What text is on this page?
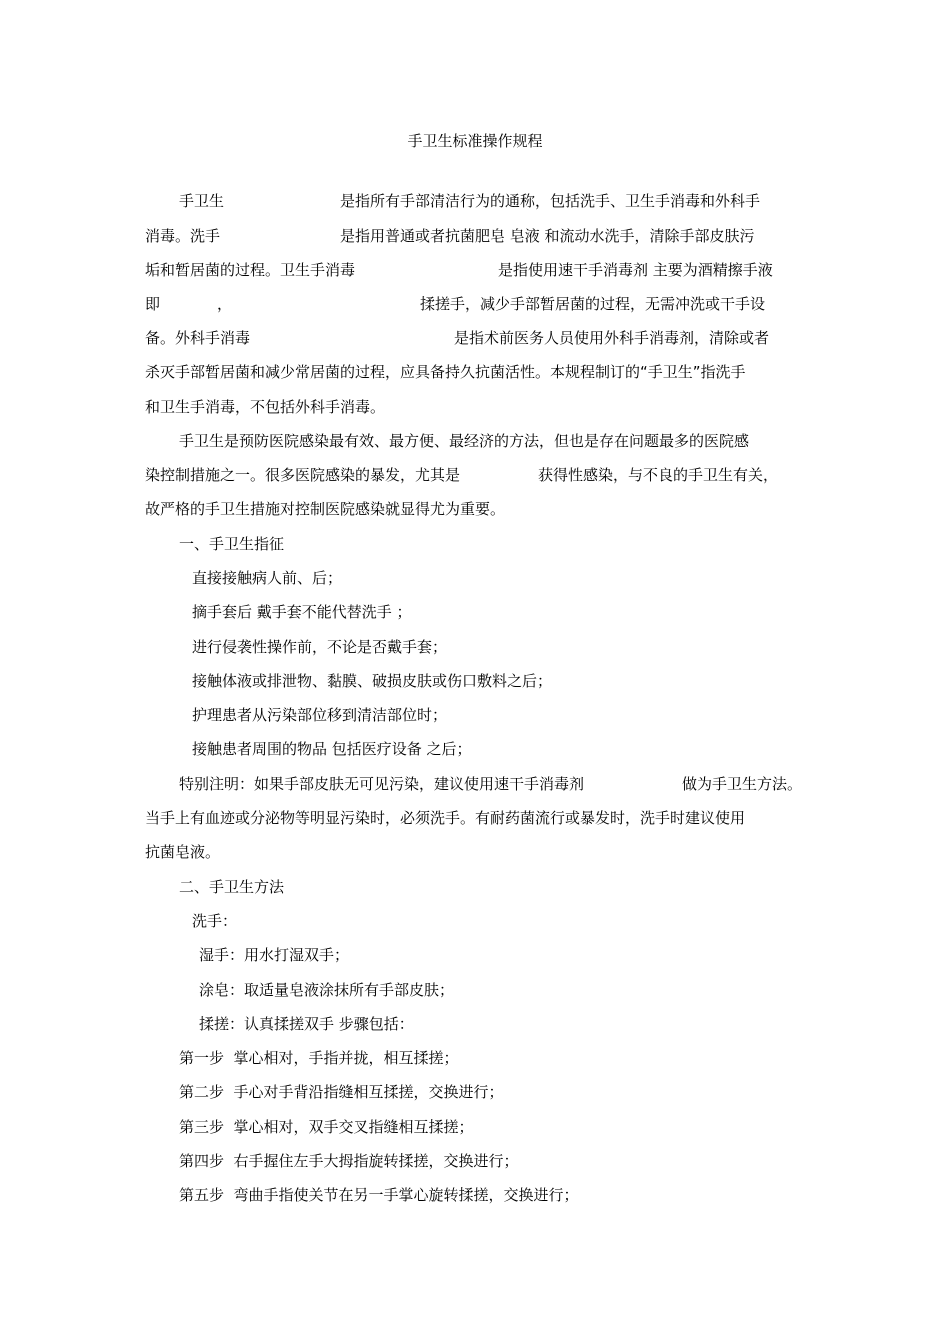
手卫生标准操作规程
手卫生	是指所有手部清洁行为的通称，包括洗手、卫生手消毒和外科手
消毒。洗手	是指用普通或者抗菌肥皂 皂液 和流动水洗手，清除手部皮肤污
垢和暂居菌的过程。卫生手消毒	是指使用速干手消毒剂 主要为酒精擦手液
即	，	揉搓手，减少手部暂居菌的过程，无需冲洗或干手设
备。外科手消毒	是指术前医务人员使用外科手消毒剂，清除或者
杀灭手部暂居菌和减少常居菌的过程，应具备持久抗菌活性。本规程制订的“手卫生”指洗手
和卫生手消毒，不包括外科手消毒。
手卫生是预防医院感染最有效、最方便、最经济的方法，但也是存在问题最多的医院感
染控制措施之一。很多医院感染的暴发，尤其是	获得性感染，与不良的手卫生有关，
故严格的手卫生措施对控制医院感染就显得尤为重要。
一、手卫生指征
直接接触病人前、后；
摘手套后 戴手套不能代替洗手 ；
进行侵袭性操作前，不论是否戴手套；
接触体液或排泄物、黏膜、破损皮肤或伤口敷料之后；
护理患者从污染部位移到清洁部位时；
接触患者周围的物品 包括医疗设备 之后；
特别注明：如果手部皮肤无可见污染，建议使用速干手消毒剂	做为手卫生方法。
当手上有血迹或分泌物等明显污染时，必须洗手。有耐药菌流行或暴发时，洗手时建议使用
抗菌皂液。
二、手卫生方法
洗手：
湿手：用水打湿双手；
涂皂：取适量皂液涂抹所有手部皮肤；
揉搓：认真揉搓双手 步骤包括：
第一步  掌心相对，手指并拢，相互揉搓；
第二步  手心对手背沿指缝相互揉搓，交换进行；
第三步  掌心相对，双手交叉指缝相互揉搓；
第四步  右手握住左手大拇指旋转揉搓，交换进行；
第五步  弯曲手指使关节在另一手掌心旋转揉搓，交换进行；
